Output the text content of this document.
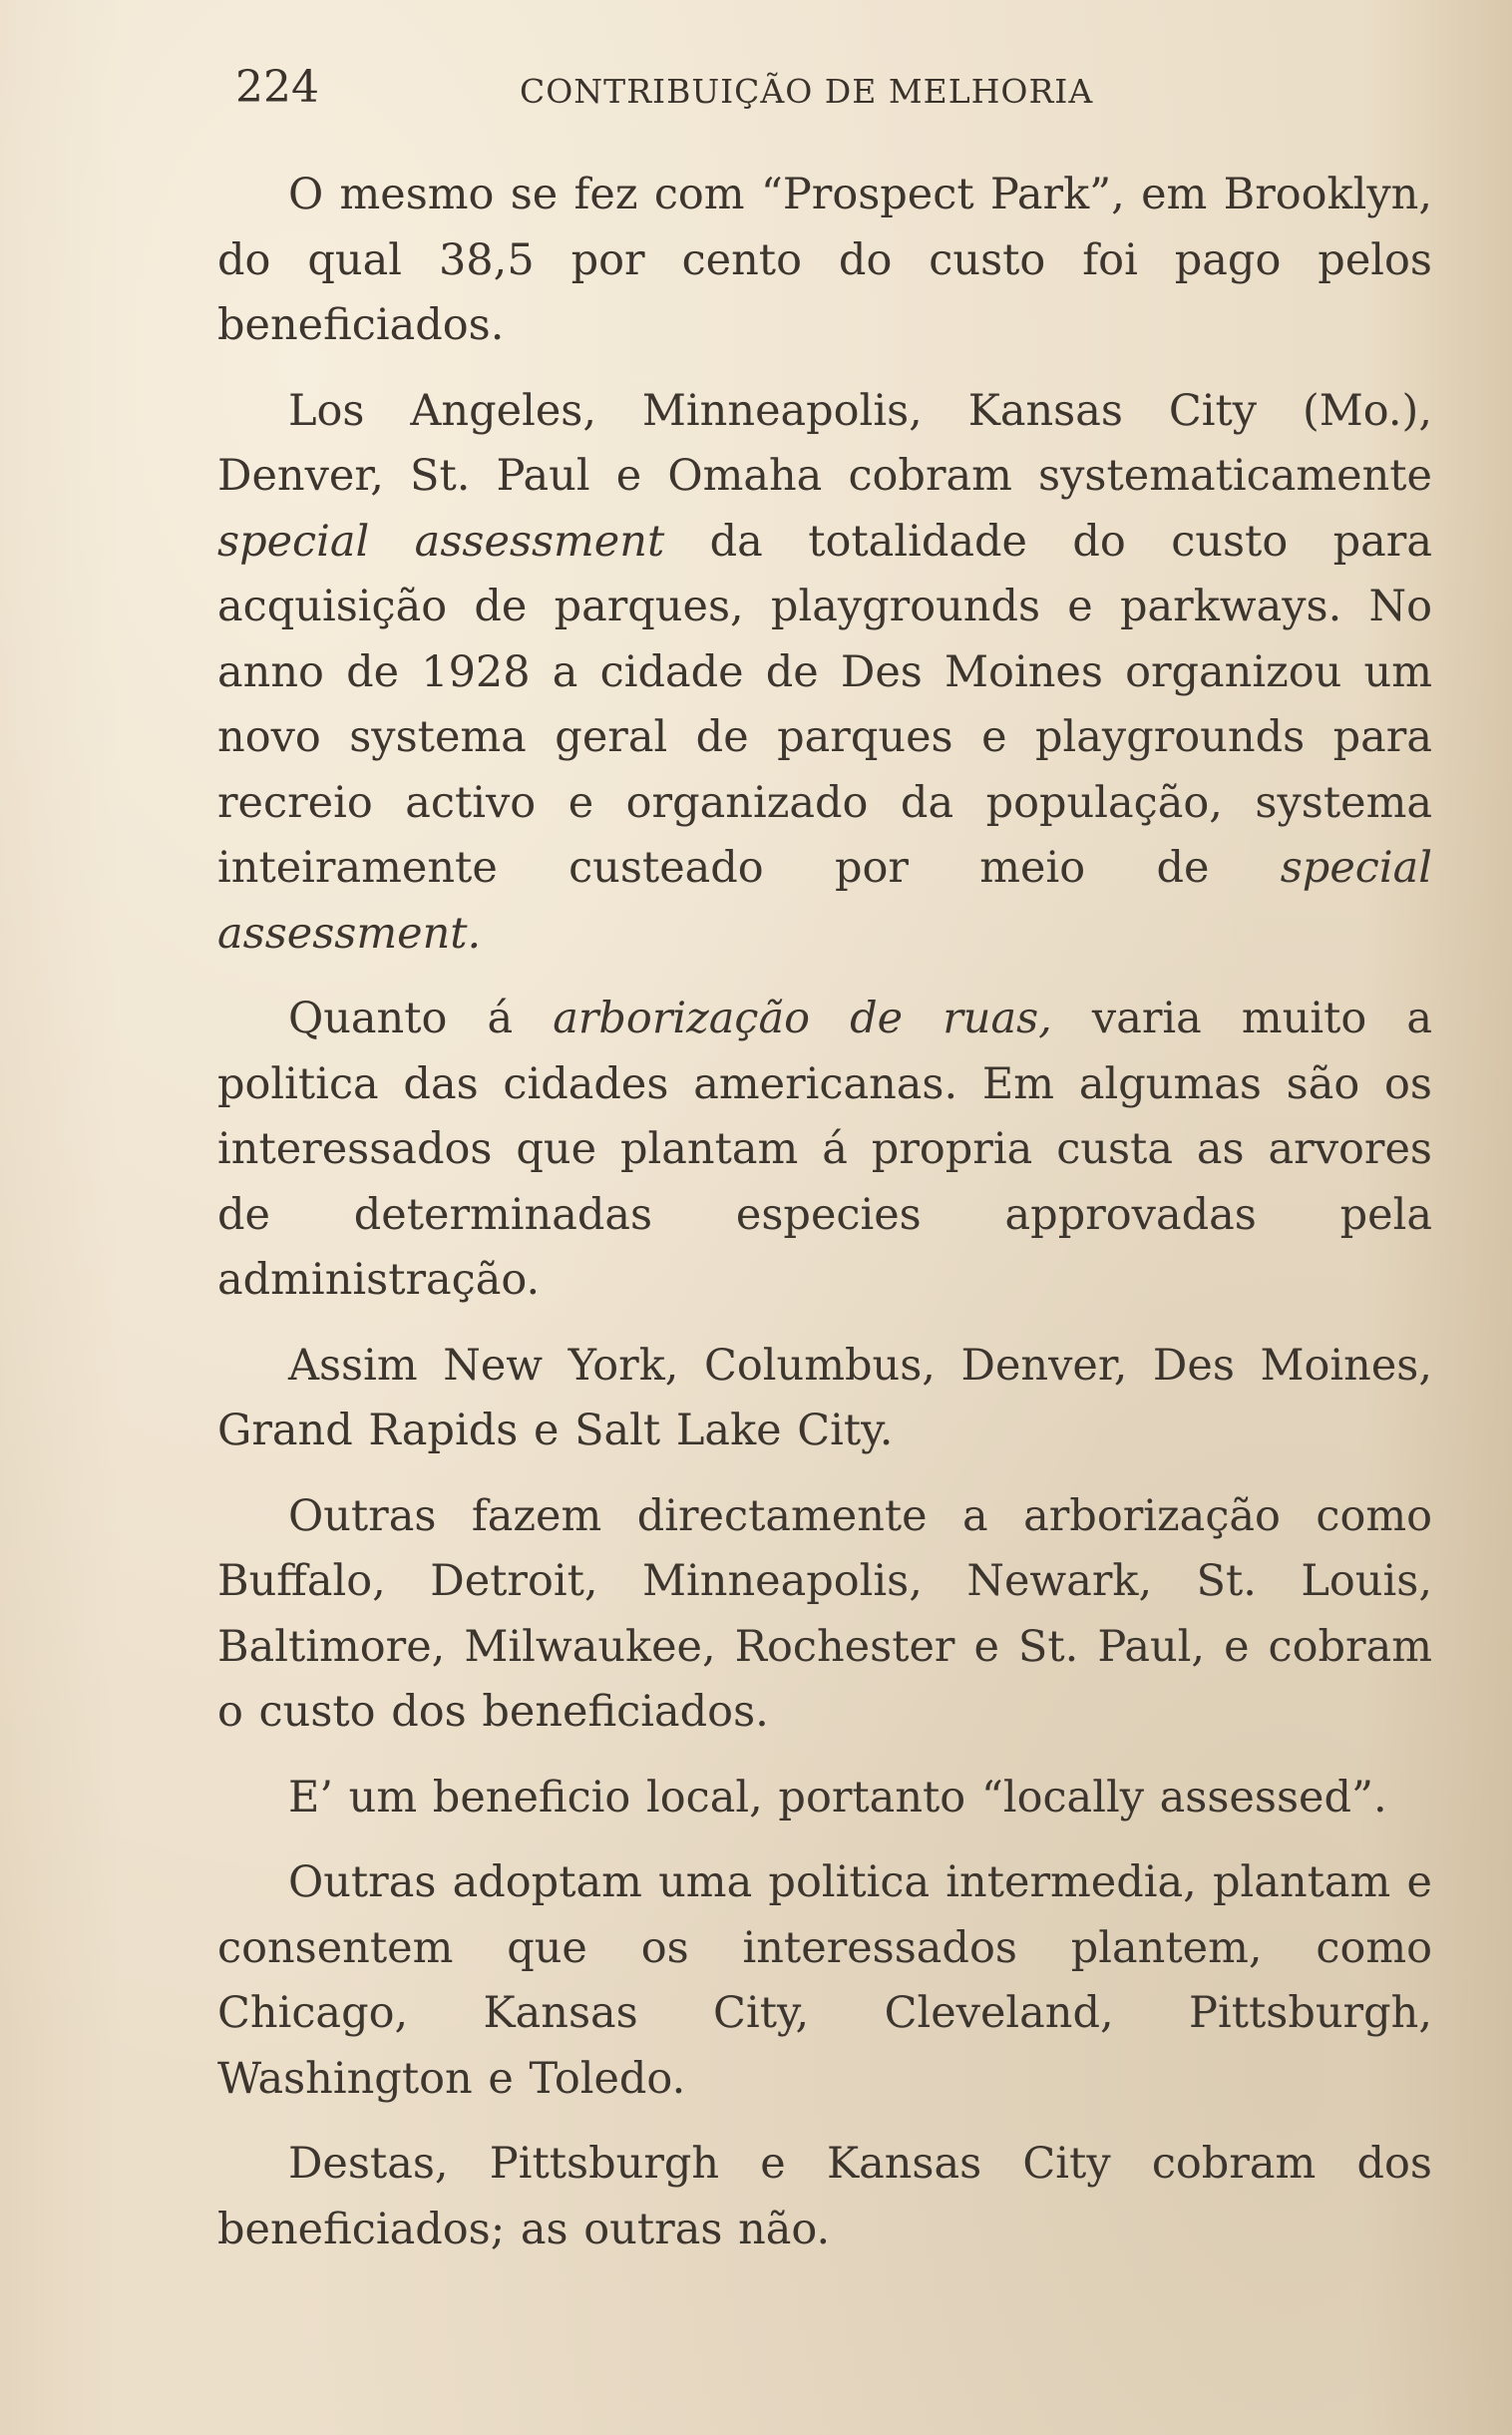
224	CONTRIBUIÇÃO DE MELHORIA

O mesmo se fez com “Prospect Park”, em Brooklyn, do qual 38,5 por cento do custo foi pago pelos beneficiados.

Los Angeles, Minneapolis, Kansas City (Mo.), Denver, St. Paul e Omaha cobram systematicamente special assessment da totalidade do custo para acquisição de parques, playgrounds e parkways. No anno de 1928 a cidade de Des Moines organizou um novo systema geral de parques e playgrounds para recreio activo e organizado da população, systema inteiramente custeado por meio de special assessment.

Quanto á arborização de ruas, varia muito a politica das cidades americanas. Em algumas são os interessados que plantam á propria custa as arvores de determinadas especies approvadas pela administração.

Assim New York, Columbus, Denver, Des Moines, Grand Rapids e Salt Lake City.

Outras fazem directamente a arborização como Buffalo, Detroit, Minneapolis, Newark, St. Louis, Baltimore, Milwaukee, Rochester e St. Paul, e cobram o custo dos beneficiados.

E’ um beneficio local, portanto “locally assessed”.

Outras adoptam uma politica intermedia, plantam e consentem que os interessados plantem, como Chicago, Kansas City, Cleveland, Pittsburgh, Washington e Toledo.

Destas, Pittsburgh e Kansas City cobram dos beneficiados; as outras não.
